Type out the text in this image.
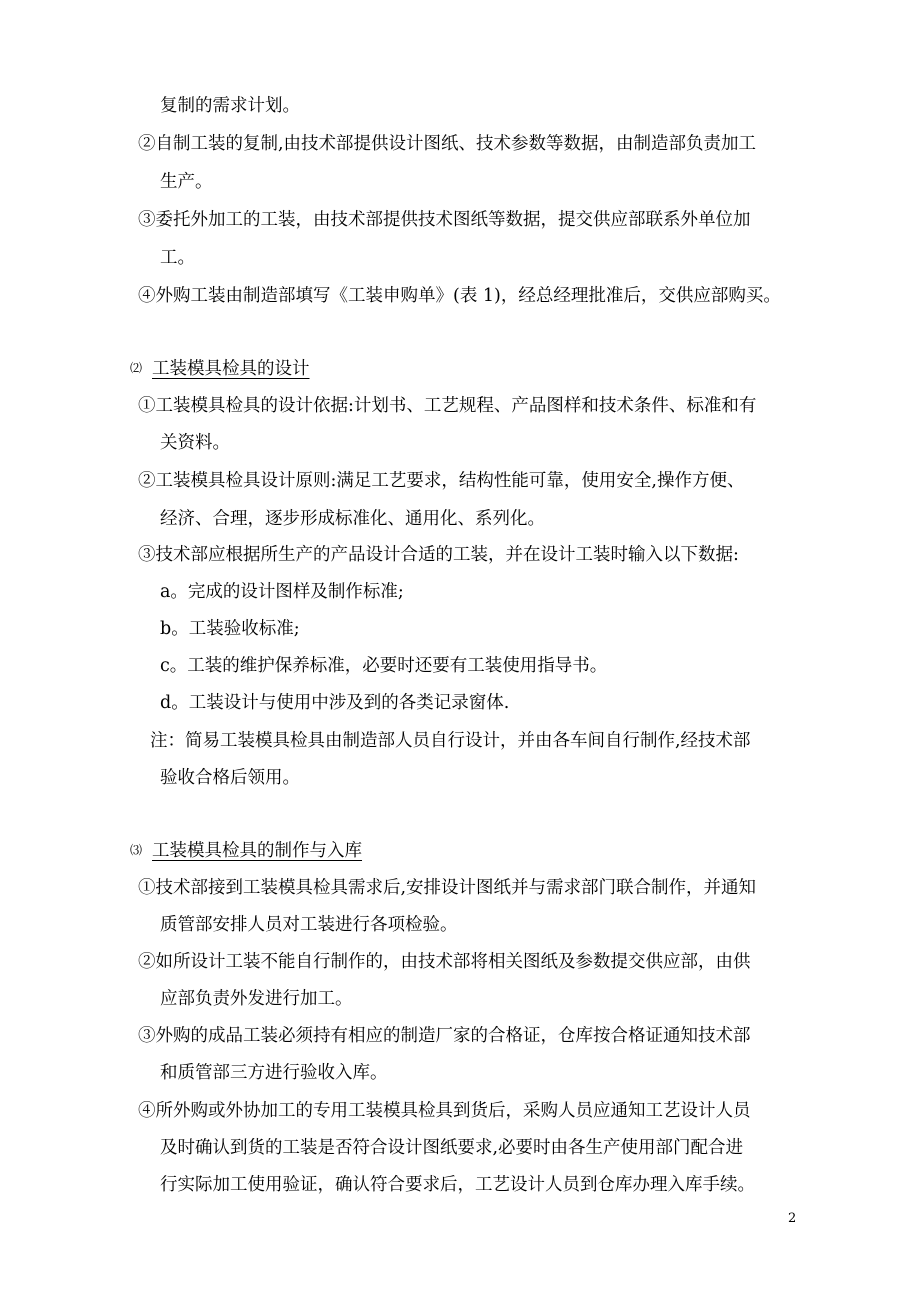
复制的需求计划。
②自制工装的复制,由技术部提供设计图纸、技术参数等数据，由制造部负责加工
生产。
③委托外加工的工装，由技术部提供技术图纸等数据，提交供应部联系外单位加
工。
④外购工装由制造部填写《工装申购单》(表 1)，经总经理批准后，交供应部购买。
⑵ 工装模具检具的设计
①工装模具检具的设计依据:计划书、工艺规程、产品图样和技术条件、标准和有
关资料。
②工装模具检具设计原则:满足工艺要求，结构性能可靠，使用安全,操作方便、
经济、合理，逐步形成标准化、通用化、系列化。
③技术部应根据所生产的产品设计合适的工装，并在设计工装时输入以下数据:
a。完成的设计图样及制作标准;
b。工装验收标准;
c。工装的维护保养标准，必要时还要有工装使用指导书。
d。工装设计与使用中涉及到的各类记录窗体.
注：简易工装模具检具由制造部人员自行设计，并由各车间自行制作,经技术部
验收合格后领用。
⑶ 工装模具检具的制作与入库
①技术部接到工装模具检具需求后,安排设计图纸并与需求部门联合制作，并通知
质管部安排人员对工装进行各项检验。
②如所设计工装不能自行制作的，由技术部将相关图纸及参数提交供应部，由供
应部负责外发进行加工。
③外购的成品工装必须持有相应的制造厂家的合格证，仓库按合格证通知技术部
和质管部三方进行验收入库。
④所外购或外协加工的专用工装模具检具到货后，采购人员应通知工艺设计人员
及时确认到货的工装是否符合设计图纸要求,必要时由各生产使用部门配合进
行实际加工使用验证，确认符合要求后，工艺设计人员到仓库办理入库手续。
2
